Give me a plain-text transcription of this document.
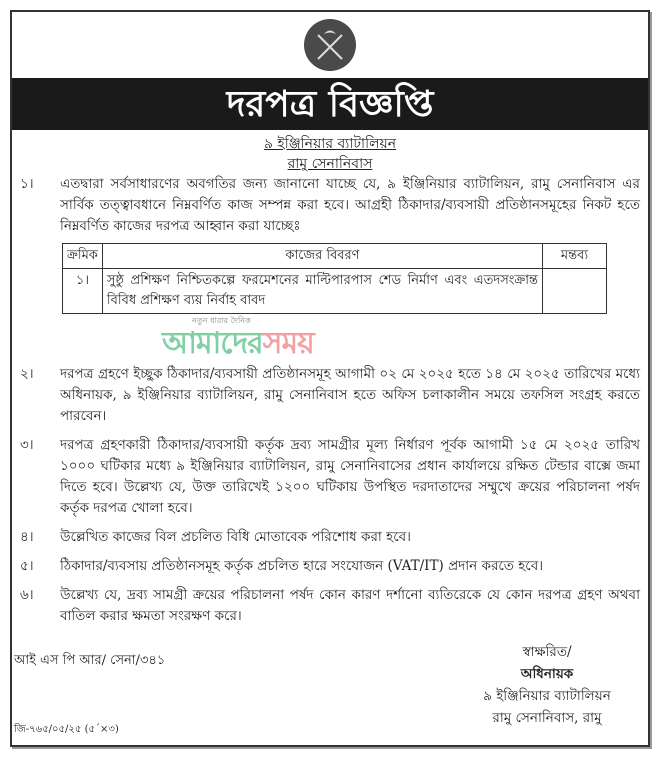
দরপত্র বিজ্ঞপ্তি
৯ ইঞ্জিনিয়ার ব্যাটালিয়ন
রামু সেনানিবাস
১।	এতদ্বারা সর্বসাধারণের অবগতির জন্য জানানো যাচ্ছে যে, ৯ ইঞ্জিনিয়ার ব্যাটালিয়ন, রামু সেনানিবাস এর সার্বিক তত্ত্বাবধানে নিম্নবর্ণিত কাজ সম্পন্ন করা হবে। আগ্রহী ঠিকাদার/ব্যবসায়ী প্রতিষ্ঠানসমূহের নিকট হতে নিম্নবর্ণিত কাজের দরপত্র আহ্বান করা যাচ্ছেঃ
ক্রমিক	কাজের বিবরণ	মন্তব্য
১।	সুষ্ঠু প্রশিক্ষণ নিশ্চিতকল্পে ফরমেশনের মাল্টিপারপাস শেড নির্মাণ এবং এতদসংক্রান্ত বিবিধ প্রশিক্ষণ ব্যয় নির্বাহ বাবদ	
নতুন ধারার দৈনিক
আমাদেরসময়
২।	দরপত্র গ্রহণে ইচ্ছুক ঠিকাদার/ব্যবসায়ী প্রতিষ্ঠানসমূহ আগামী ০২ মে ২০২৫ হতে ১৪ মে ২০২৫ তারিখের মধ্যে অধিনায়ক, ৯ ইঞ্জিনিয়ার ব্যাটালিয়ন, রামু সেনানিবাস হতে অফিস চলাকালীন সময়ে তফসিল সংগ্রহ করতে পারবেন।
৩।	দরপত্র গ্রহণকারী ঠিকাদার/ব্যবসায়ী কর্তৃক দ্রব্য সামগ্রীর মূল্য নির্ধারণ পূর্বক আগামী ১৫ মে ২০২৫ তারিখ ১০০০ ঘটিকার মধ্যে ৯ ইঞ্জিনিয়ার ব্যাটালিয়ন, রামু সেনানিবাসের প্রধান কার্যালয়ে রক্ষিত টেন্ডার বাক্সে জমা দিতে হবে। উল্লেখ্য যে, উক্ত তারিখেই ১২০০ ঘটিকায় উপস্থিত দরদাতাদের সম্মুখে ক্রয়ের পরিচালনা পর্ষদ কর্তৃক দরপত্র খোলা হবে।
৪।	উল্লেখিত কাজের বিল প্রচলিত বিধি মোতাবেক পরিশোধ করা হবে।
৫।	ঠিকাদার/ব্যবসায় প্রতিষ্ঠানসমূহ কর্তৃক প্রচলিত হারে সংযোজন (VAT/IT) প্রদান করতে হবে।
৬।	উল্লেখ্য যে, দ্রব্য সামগ্রী ক্রয়ের পরিচালনা পর্ষদ কোন কারণ দর্শানো ব্যতিরেকে যে কোন দরপত্র গ্রহণ অথবা বাতিল করার ক্ষমতা সংরক্ষণ করে।
আই এস পি আর/ সেনা/৩৪১
জি-৭৬৫/০৫/২৫ (৫´×৩)
স্বাক্ষরিত/
অধিনায়ক
৯ ইঞ্জিনিয়ার ব্যাটালিয়ন
রামু সেনানিবাস, রামু
